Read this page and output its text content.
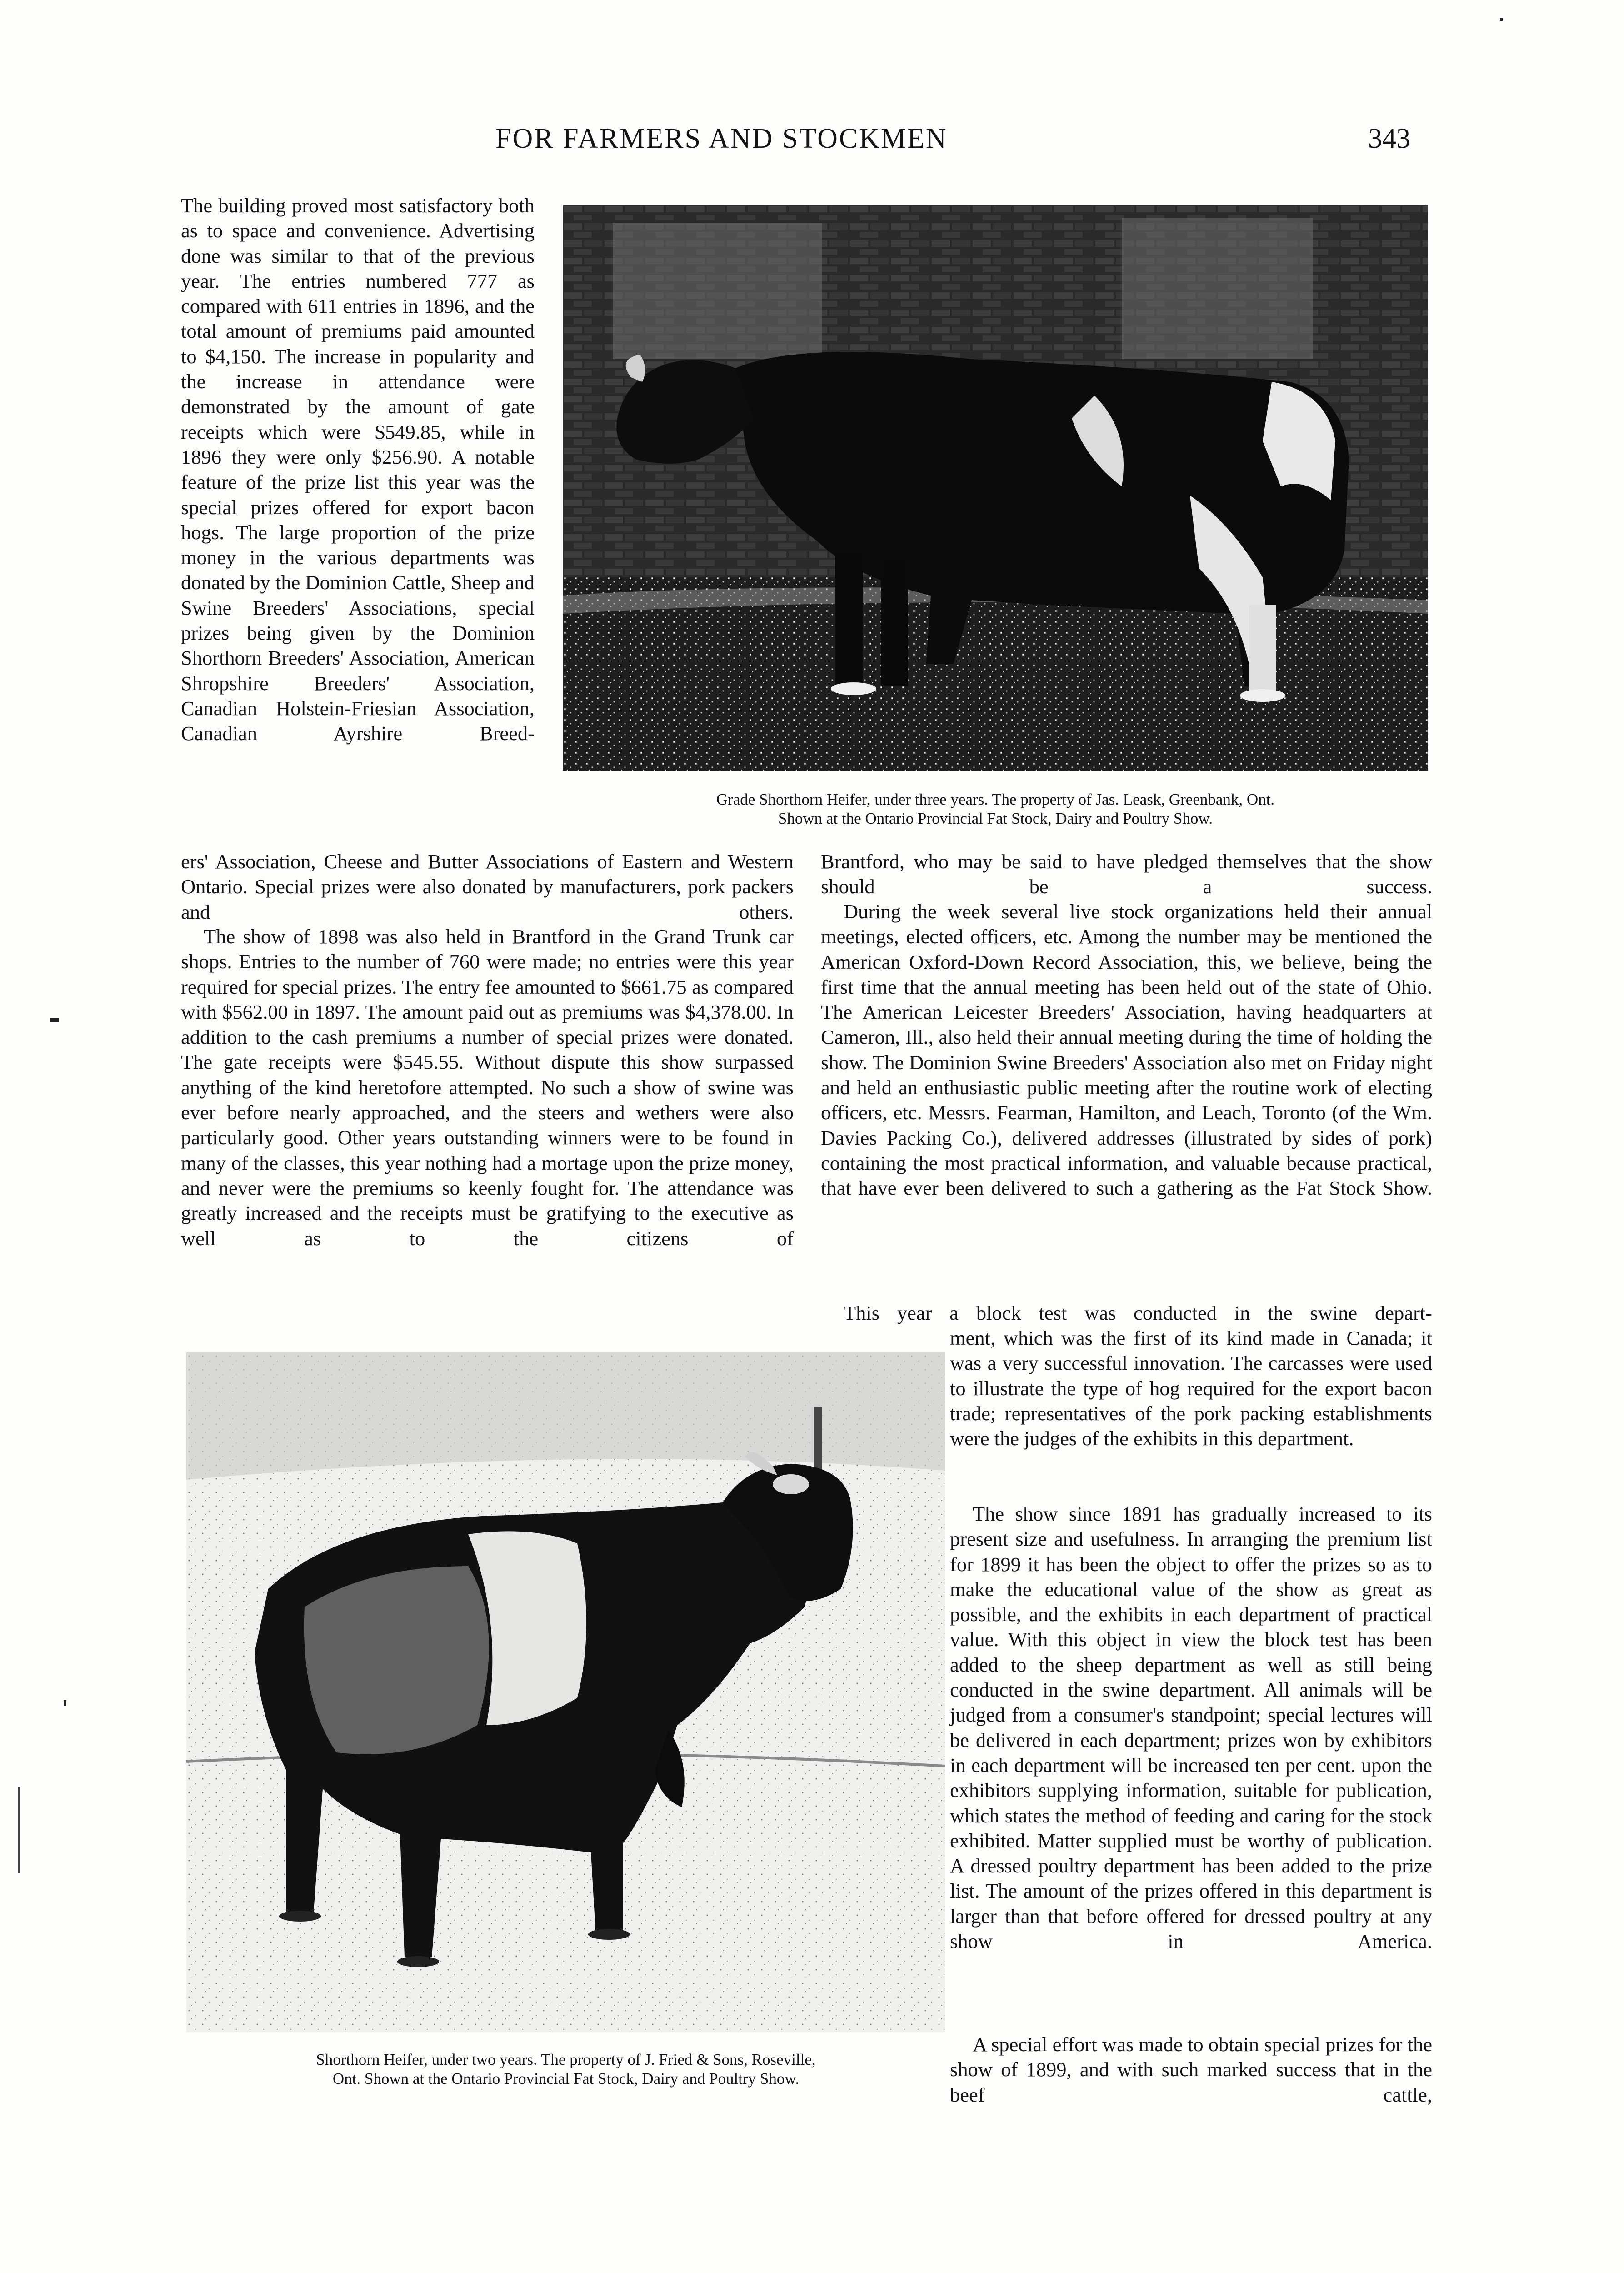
FOR FARMERS AND STOCKMEN	343

The building proved most satisfactory both as to space and convenience. Advertising done was similar to that of the previous year. The entries numbered 777 as compared with 611 entries in 1896, and the total amount of premiums paid amounted to $4,150. The increase in popularity and the increase in attendance were demonstrated by the amount of gate receipts which were $549.85, while in 1896 they were only $256.90. A notable feature of the prize list this year was the special prizes offered for export bacon hogs. The large proportion of the prize money in the various departments was donated by the Dominion Cattle, Sheep and Swine Breeders' Associations, special prizes being given by the Dominion Shorthorn Breeders' Association, American Shropshire Breeders' Association, Canadian Holstein-Friesian Association, Canadian Ayrshire Breed-

Grade Shorthorn Heifer, under three years. The property of Jas. Leask, Greenbank, Ont.
Shown at the Ontario Provincial Fat Stock, Dairy and Poultry Show.

ers' Association, Cheese and Butter Associations of Eastern and Western Ontario. Special prizes were also donated by manufacturers, pork packers and others.

The show of 1898 was also held in Brantford in the Grand Trunk car shops. Entries to the number of 760 were made; no entries were this year required for special prizes. The entry fee amounted to $661.75 as compared with $562.00 in 1897. The amount paid out as premiums was $4,378.00. In addition to the cash premiums a number of special prizes were donated. The gate receipts were $545.55. Without dispute this show surpassed anything of the kind heretofore attempted. No such a show of swine was ever before nearly approached, and the steers and wethers were also particularly good. Other years outstanding winners were to be found in many of the classes, this year nothing had a mortage upon the prize money, and never were the premiums so keenly fought for. The attendance was greatly increased and the receipts must be gratifying to the executive as well as to the citizens of

Brantford, who may be said to have pledged themselves that the show should be a success.

During the week several live stock organizations held their annual meetings, elected officers, etc. Among the number may be mentioned the American Oxford-Down Record Association, this, we believe, being the first time that the annual meeting has been held out of the state of Ohio. The American Leicester Breeders' Association, having headquarters at Cameron, Ill., also held their annual meeting during the time of holding the show. The Dominion Swine Breeders' Association also met on Friday night and held an enthusiastic public meeting after the routine work of electing officers, etc. Messrs. Fearman, Hamilton, and Leach, Toronto (of the Wm. Davies Packing Co.), delivered addresses (illustrated by sides of pork) containing the most practical information, and valuable because practical, that have ever been delivered to such a gathering as the Fat Stock Show.

This year a block test was conducted in the swine depart-

ment, which was the first of its kind made in Canada; it was a very successful innovation. The carcasses were used to illustrate the type of hog required for the export bacon trade; representatives of the pork packing establishments were the judges of the exhibits in this department.

The show since 1891 has gradually increased to its present size and usefulness. In arranging the premium list for 1899 it has been the object to offer the prizes so as to make the educational value of the show as great as possible, and the exhibits in each department of practical value. With this object in view the block test has been added to the sheep department as well as still being conducted in the swine department. All animals will be judged from a consumer's standpoint; special lectures will be delivered in each department; prizes won by exhibitors in each department will be increased ten per cent. upon the exhibitors supplying information, suitable for publication, which states the method of feeding and caring for the stock exhibited. Matter supplied must be worthy of publication. A dressed poultry department has been added to the prize list. The amount of the prizes offered in this department is larger than that before offered for dressed poultry at any show in America.

A special effort was made to obtain special prizes for the show of 1899, and with such marked success that in the beef cattle,

Shorthorn Heifer, under two years. The property of J. Fried & Sons, Roseville,
Ont. Shown at the Ontario Provincial Fat Stock, Dairy and Poultry Show.
